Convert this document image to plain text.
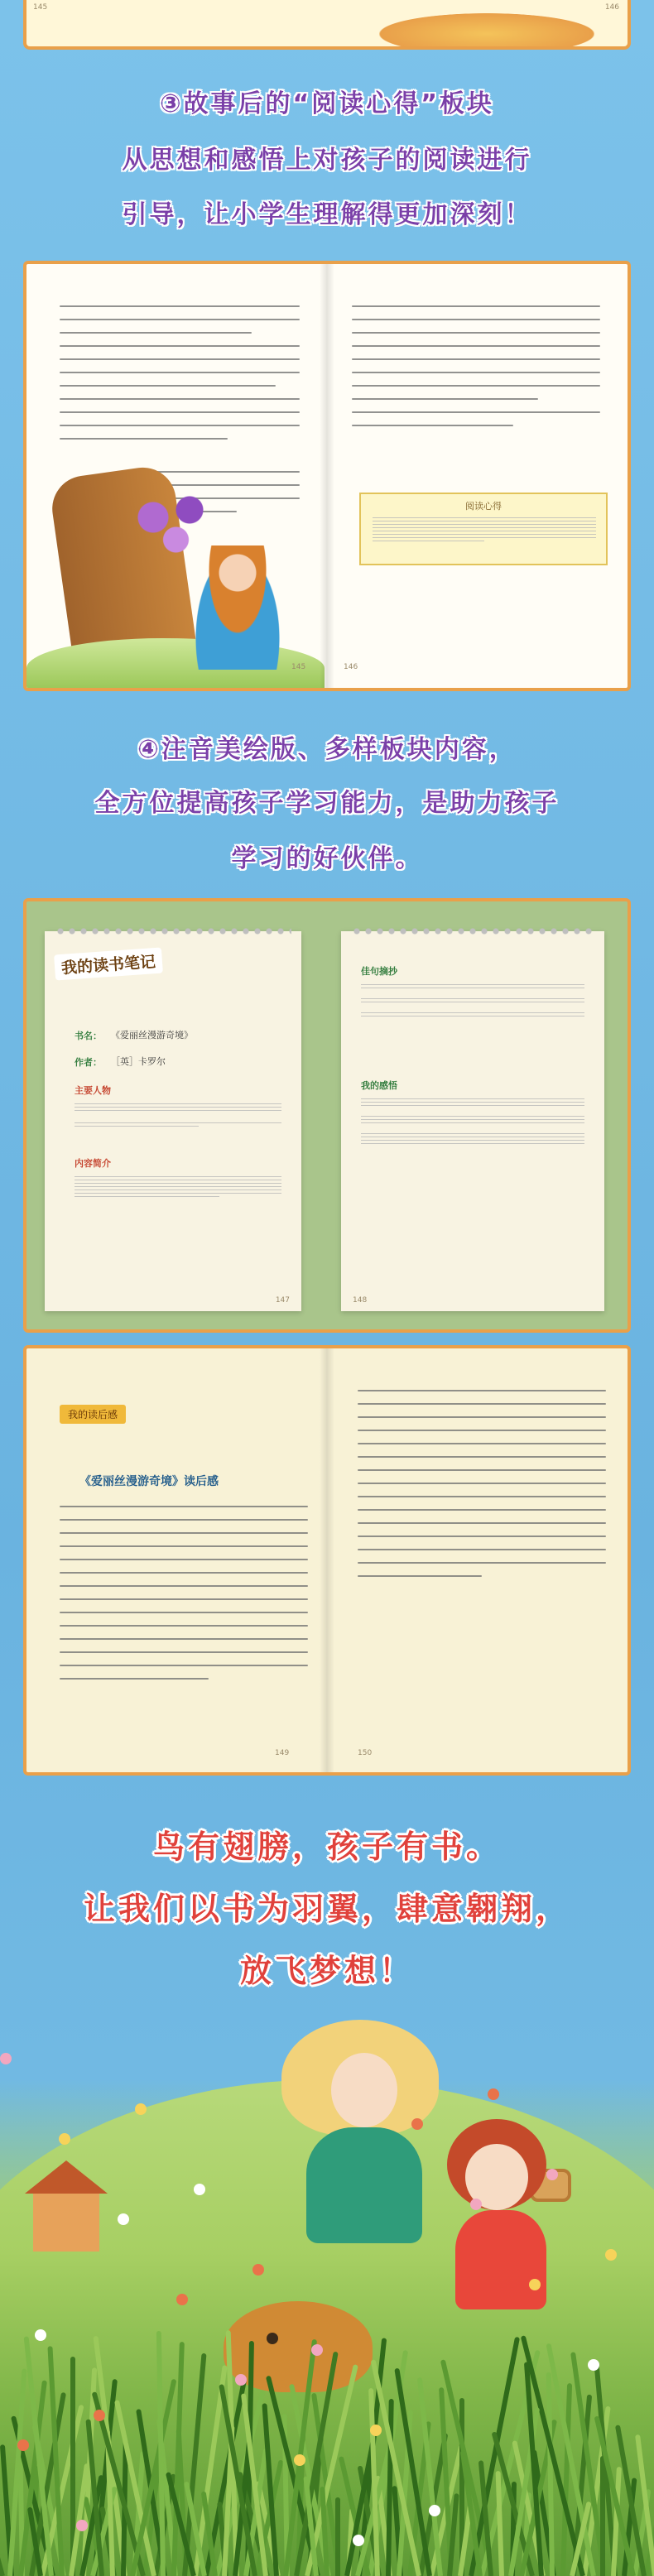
145	146
③故事后的“阅读心得”板块
从思想和感悟上对孩子的阅读进行
引导，让小学生理解得更加深刻！
145
阅读心得
146
④注音美绘版、多样板块内容，
全方位提高孩子学习能力，是助力孩子
学习的好伙伴。
书名： 《爱丽丝漫游奇境》
作者： ［英］卡罗尔
主要人物
内容简介
147
我的读书笔记	佳句摘抄
我的感悟
148
我的读后感
《爱丽丝漫游奇境》读后感
149	150
鸟有翅膀，孩子有书。
让我们以书为羽翼，肆意翱翔，
放飞梦想！
